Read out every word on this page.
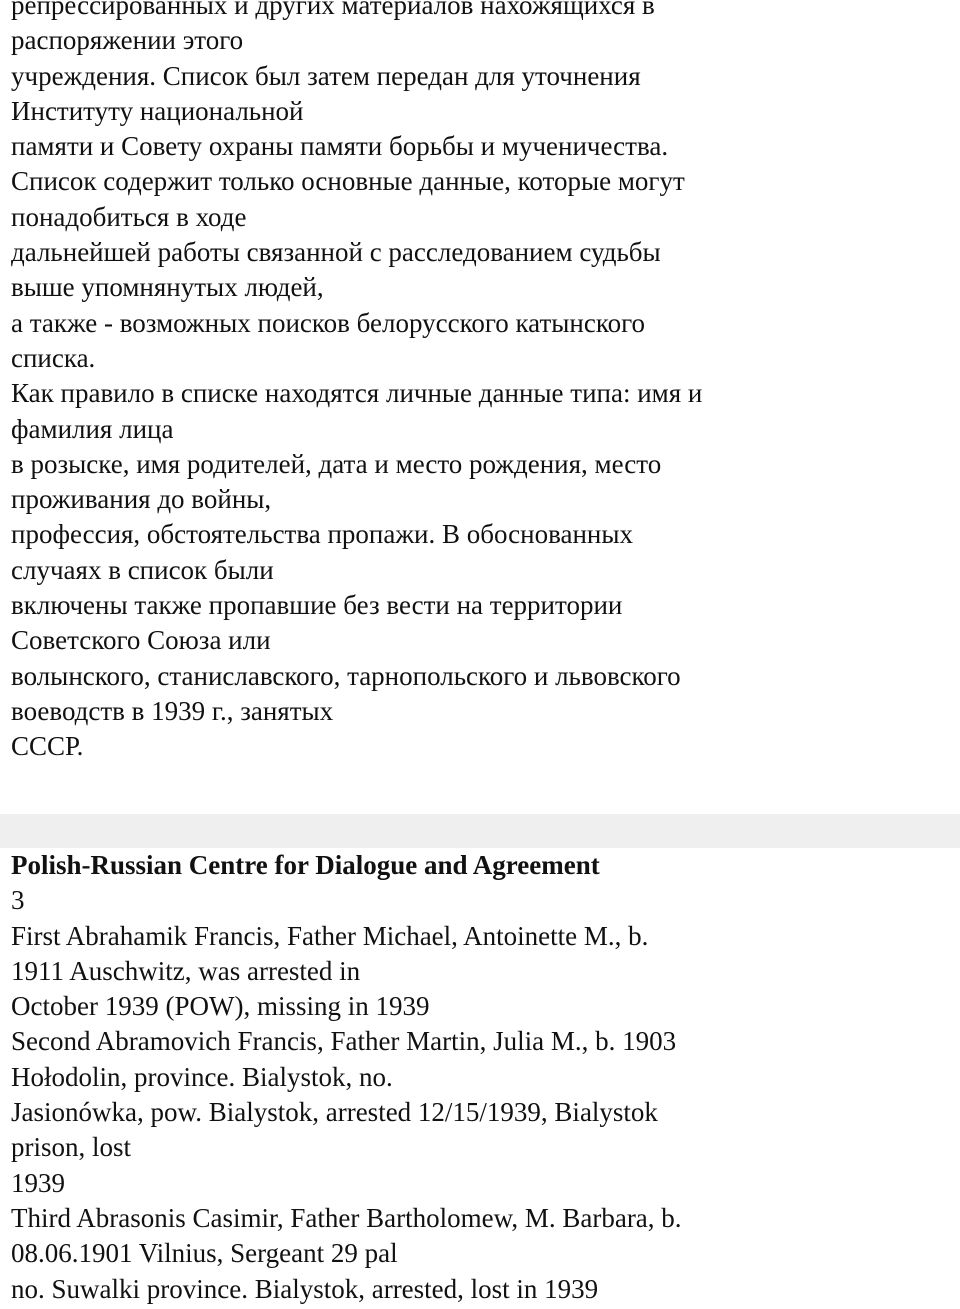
репрессированных и других материалов нахожящихся в
распоряжении этого
учреждения. Список был затем передан для уточнения
Институту национальной
памяти и Совету охраны памяти борьбы и мученичества.
Список содержит только основные данные, которые могут
понадобиться в ходе
дальнейшей работы связанной с расследованием судьбы
выше упомнянутых людей,
а также - возможных поисков белорусского катынского
списка.
Как правило в списке находятся личные данные типа: имя и
фамилия лица
в розыске, имя родителей, дата и место рождения, место
проживания до войны,
профессия, обстоятельства пропажи. В обоснованных
случаях в список были
включены также пропавшие без вести на территории
Советского Союза или
волынского, станиславского, тарнопольского и львовского
воеводств в 1939 г., занятых
СССР.
Polish-Russian Centre for Dialogue and Agreement
3
First Abrahamik Francis, Father Michael, Antoinette M., b.
1911 Auschwitz, was arrested in
October 1939 (POW), missing in 1939
Second Abramovich Francis, Father Martin, Julia M., b. 1903
Hołodolin, province. Bialystok, no.
Jasionówka, pow. Bialystok, arrested 12/15/1939, Bialystok
prison, lost
1939
Third Abrasonis Casimir, Father Bartholomew, M. Barbara, b.
08.06.1901 Vilnius, Sergeant 29 pal
no. Suwalki province. Bialystok, arrested, lost in 1939
